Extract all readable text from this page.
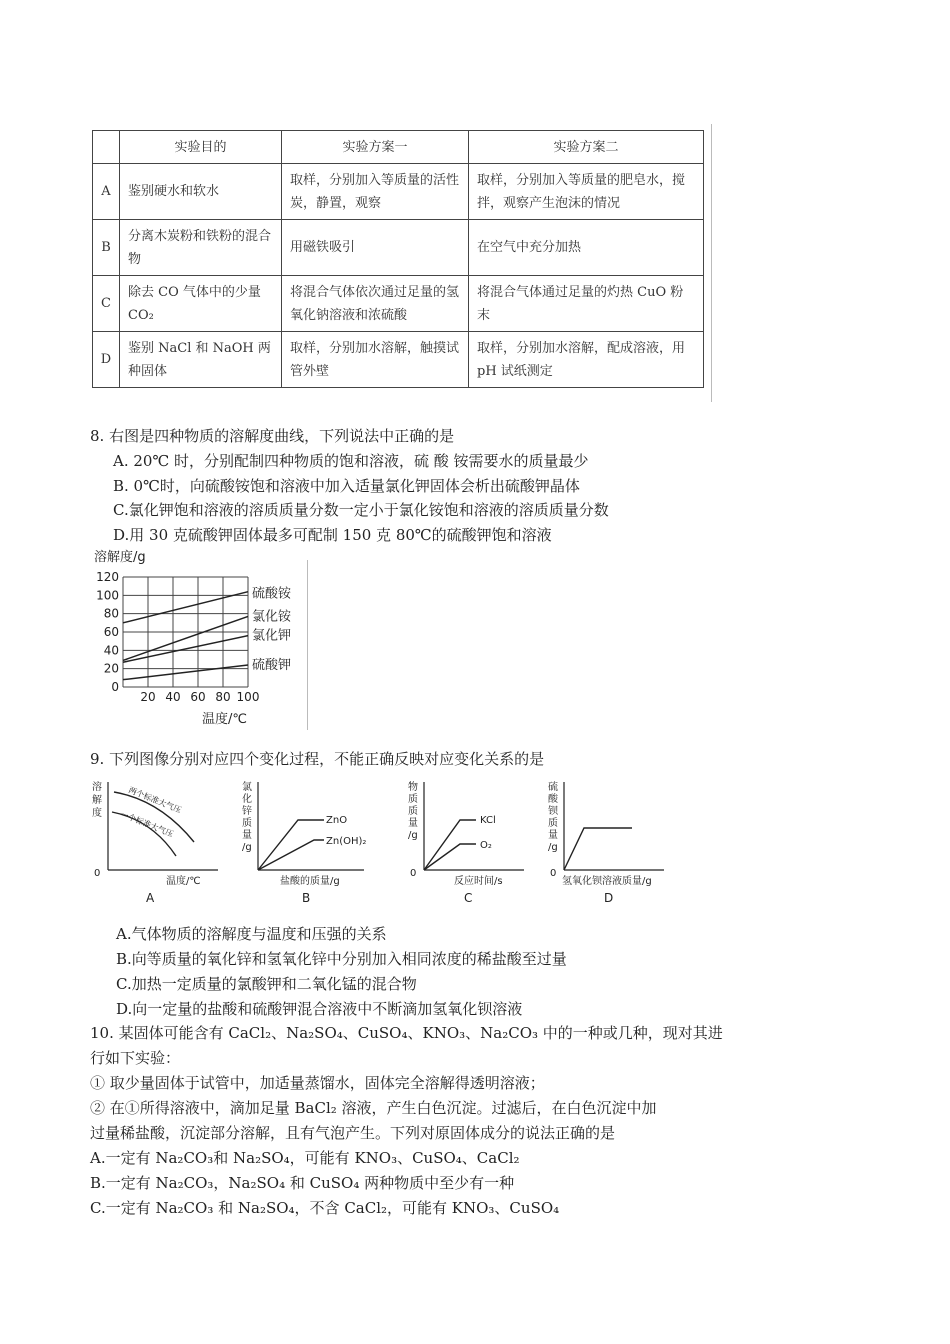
	实验目的	实验方案一	实验方案二
A	鉴别硬水和软水	取样，分别加入等质量的活性炭，静置，观察	取样，分别加入等质量的肥皂水，搅拌，观察产生泡沫的情况
B	分离木炭粉和铁粉的混合物	用磁铁吸引	在空气中充分加热
C	除去 CO 气体中的少量 CO₂	将混合气体依次通过足量的氢氧化钠溶液和浓硫酸	将混合气体通过足量的灼热 CuO 粉末
D	鉴别 NaCl 和 NaOH 两种固体	取样，分别加水溶解，触摸试管外壁	取样，分别加水溶解，配成溶液，用 pH 试纸测定
8. 右图是四种物质的溶解度曲线，下列说法中正确的是
A. 20℃ 时，分别配制四种物质的饱和溶液，硫 酸 铵需要水的质量最少
B. 0℃时，向硫酸铵饱和溶液中加入适量氯化钾固体会析出硫酸钾晶体
C.氯化钾饱和溶液的溶质质量分数一定小于氯化铵饱和溶液的溶质质量分数
D.用 30 克硫酸钾固体最多可配制 150 克 80℃的硫酸钾饱和溶液
溶解度/g
120
100
80
60
40
20
0
20 40 60 80 100
硫酸铵
氯化铵
氯化钾
硫酸钾
温度/℃
9. 下列图像分别对应四个变化过程，不能正确反映对应变化关系的是
溶
解
度	两个标准大气压
一个标准大气压
0
温度/℃
A
氯
化
锌
质
量
/g
ZnO
Zn(OH)₂
盐酸的质量/g
B
物
质
质
量
/g
KCl
O₂
0
反应时间/s
C
硫
酸
钡
质
量
/g
0
氢氧化钡溶液质量/g
D
A.气体物质的溶解度与温度和压强的关系
B.向等质量的氧化锌和氢氧化锌中分别加入相同浓度的稀盐酸至过量
C.加热一定质量的氯酸钾和二氧化锰的混合物
D.向一定量的盐酸和硫酸钾混合溶液中不断滴加氢氧化钡溶液
10. 某固体可能含有 CaCl₂、Na₂SO₄、CuSO₄、KNO₃、Na₂CO₃ 中的一种或几种，现对其进
行如下实验：
① 取少量固体于试管中，加适量蒸馏水，固体完全溶解得透明溶液；
② 在①所得溶液中，滴加足量 BaCl₂ 溶液，产生白色沉淀。过滤后，在白色沉淀中加
过量稀盐酸，沉淀部分溶解，且有气泡产生。下列对原固体成分的说法正确的是
A.一定有 Na₂CO₃和 Na₂SO₄，可能有 KNO₃、CuSO₄、CaCl₂
B.一定有 Na₂CO₃，Na₂SO₄ 和 CuSO₄ 两种物质中至少有一种
C.一定有 Na₂CO₃ 和 Na₂SO₄，不含 CaCl₂，可能有 KNO₃、CuSO₄
